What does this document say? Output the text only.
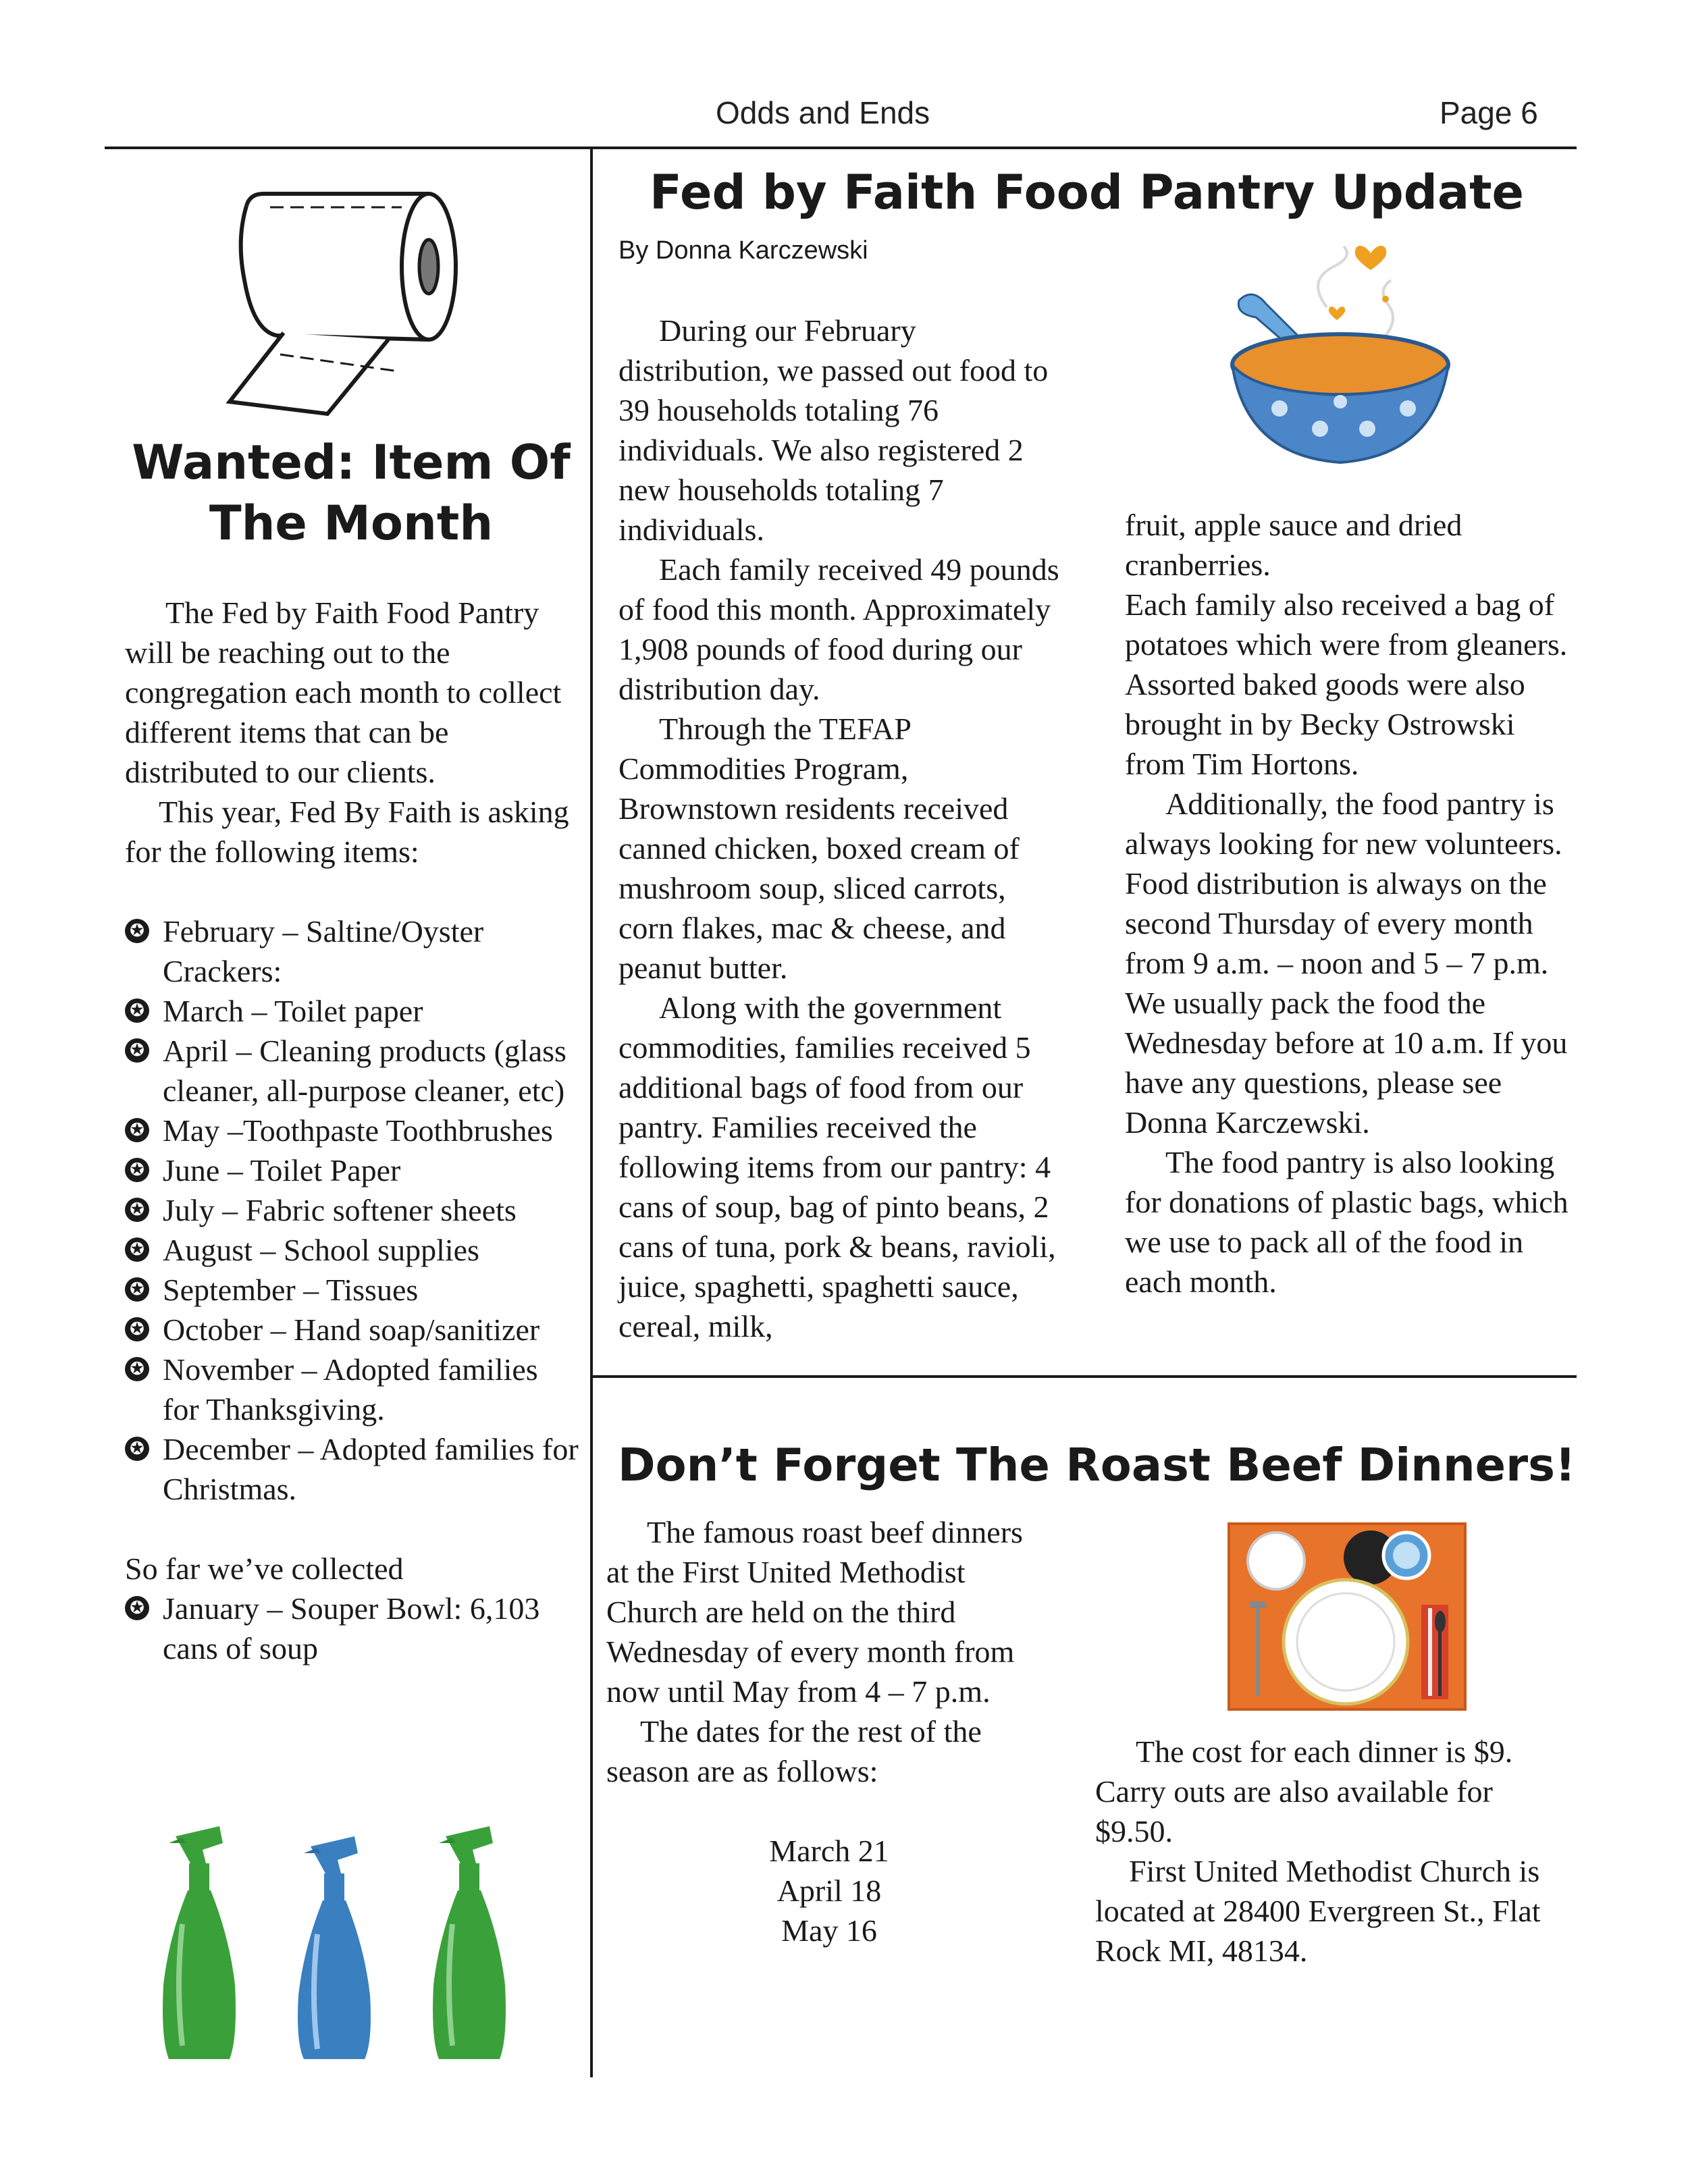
Odds and Ends	Page 6
Wanted: Item Of
The Month

The Fed by Faith Food Pantry will be reaching out to the congregation each month to collect different items that can be distributed to our clients.

This year, Fed By Faith is asking for the following items:

✪ February – Saltine/Oyster Crackers:
✪ March – Toilet paper
✪ April – Cleaning products (glass cleaner, all-purpose cleaner, etc)
✪ May –Toothpaste Toothbrushes
✪ June – Toilet Paper
✪ July – Fabric softener sheets
✪ August – School supplies
✪ September – Tissues
✪ October – Hand soap/sanitizer
✪ November – Adopted families for Thanksgiving.
✪ December – Adopted families for Christmas.

So far we’ve collected

✪ January – Souper Bowl: 6,103 cans of soup
Fed by Faith Food Pantry Update
By Donna Karczewski

During our February distribution, we passed out food to 39 households totaling 76 individuals. We also registered 2 new households totaling 7 individuals.

Each family received 49 pounds of food this month. Approximately 1,908 pounds of food during our distribution day.

Through the TEFAP Commodities Program, Brownstown residents received canned chicken, boxed cream of mushroom soup, sliced carrots, corn flakes, mac & cheese, and peanut butter.

Along with the government commodities, families received 5 additional bags of food from our pantry. Families received the following items from our pantry: 4 cans of soup, bag of pinto beans, 2 cans of tuna, pork & beans, ravioli, juice, spaghetti, spaghetti sauce, cereal, milk,

fruit, apple sauce and dried cranberries.

Each family also received a bag of potatoes which were from gleaners. Assorted baked goods were also brought in by Becky Ostrowski from Tim Hortons.

Additionally, the food pantry is always looking for new volunteers. Food distribution is always on the second Thursday of every month from 9 a.m. – noon and 5 – 7 p.m. We usually pack the food the Wednesday before at 10 a.m. If you have any questions, please see Donna Karczewski.

The food pantry is also looking for donations of plastic bags, which we use to pack all of the food in each month.

Don’t Forget The Roast Beef Dinners!

The famous roast beef dinners at the First United Methodist Church are held on the third Wednesday of every month from now until May from 4 – 7 p.m.

The dates for the rest of the season are as follows:

March 21
April 18
May 16

The cost for each dinner is $9. Carry outs are also available for $9.50.

First United Methodist Church is located at 28400 Evergreen St., Flat Rock MI, 48134.
